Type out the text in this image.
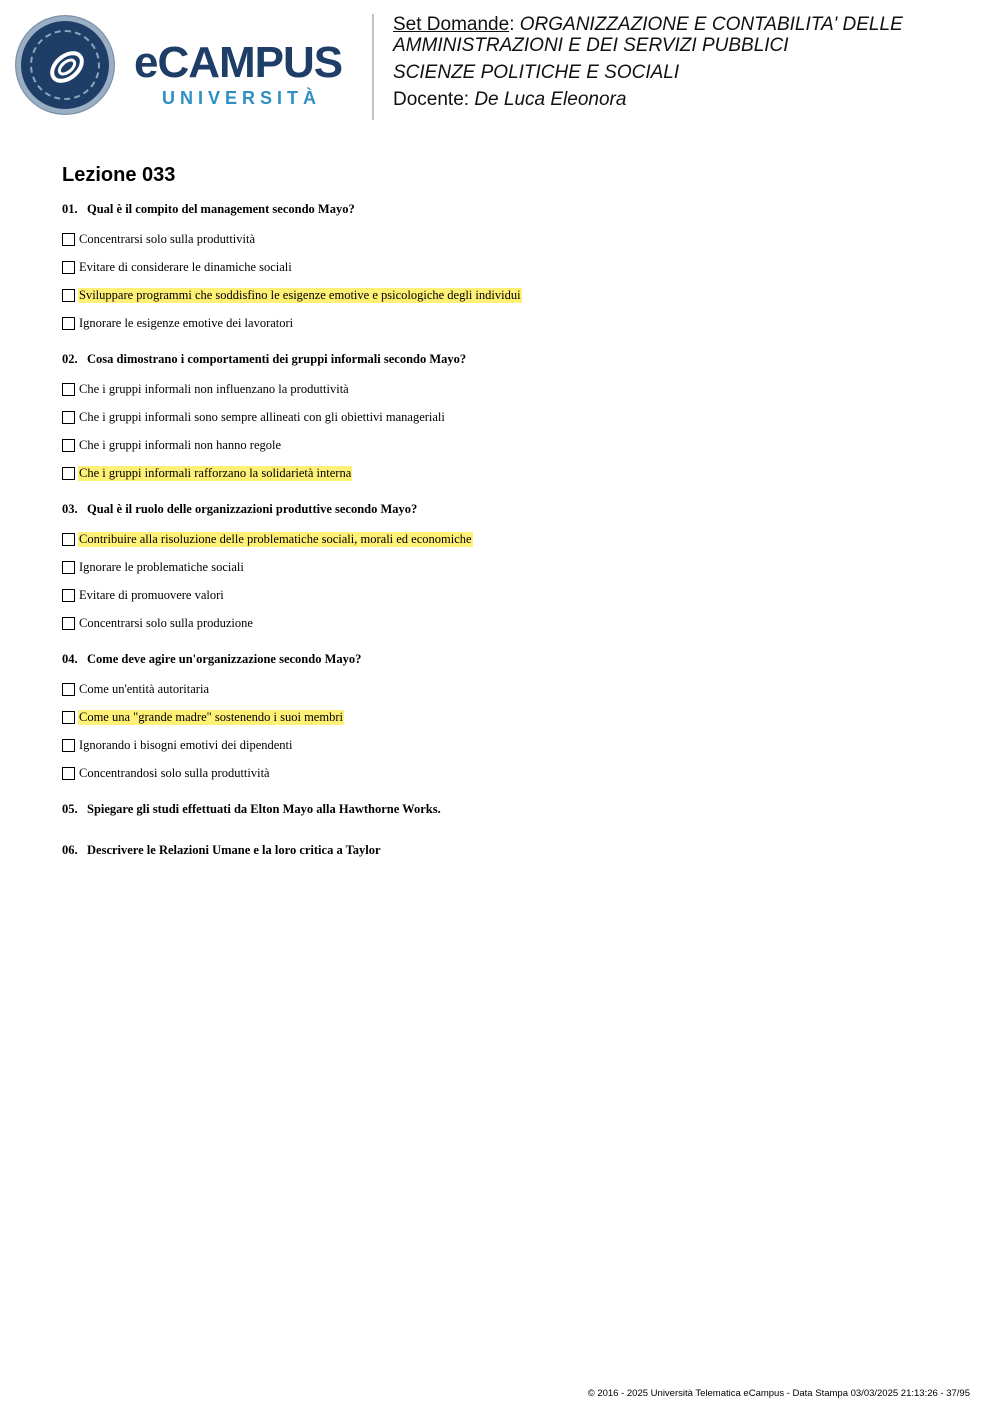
eCAMPUS
UNIVERSITÀ
Set Domande: ORGANIZZAZIONE E CONTABILITA' DELLE
AMMINISTRAZIONI E DEI SERVIZI PUBBLICI
SCIENZE POLITICHE E SOCIALI
Docente: De Luca Eleonora
Lezione 033
01. Qual è il compito del management secondo Mayo?
Concentrarsi solo sulla produttività
Evitare di considerare le dinamiche sociali
Sviluppare programmi che soddisfino le esigenze emotive e psicologiche degli individui
Ignorare le esigenze emotive dei lavoratori
02. Cosa dimostrano i comportamenti dei gruppi informali secondo Mayo?
Che i gruppi informali non influenzano la produttività
Che i gruppi informali sono sempre allineati con gli obiettivi manageriali
Che i gruppi informali non hanno regole
Che i gruppi informali rafforzano la solidarietà interna
03. Qual è il ruolo delle organizzazioni produttive secondo Mayo?
Contribuire alla risoluzione delle problematiche sociali, morali ed economiche
Ignorare le problematiche sociali
Evitare di promuovere valori
Concentrarsi solo sulla produzione
04. Come deve agire un'organizzazione secondo Mayo?
Come un'entità autoritaria
Come una "grande madre" sostenendo i suoi membri
Ignorando i bisogni emotivi dei dipendenti
Concentrandosi solo sulla produttività
05. Spiegare gli studi effettuati da Elton Mayo alla Hawthorne Works.
06. Descrivere le Relazioni Umane e la loro critica a Taylor
© 2016 - 2025 Università Telematica eCampus - Data Stampa 03/03/2025 21:13:26 - 37/95
